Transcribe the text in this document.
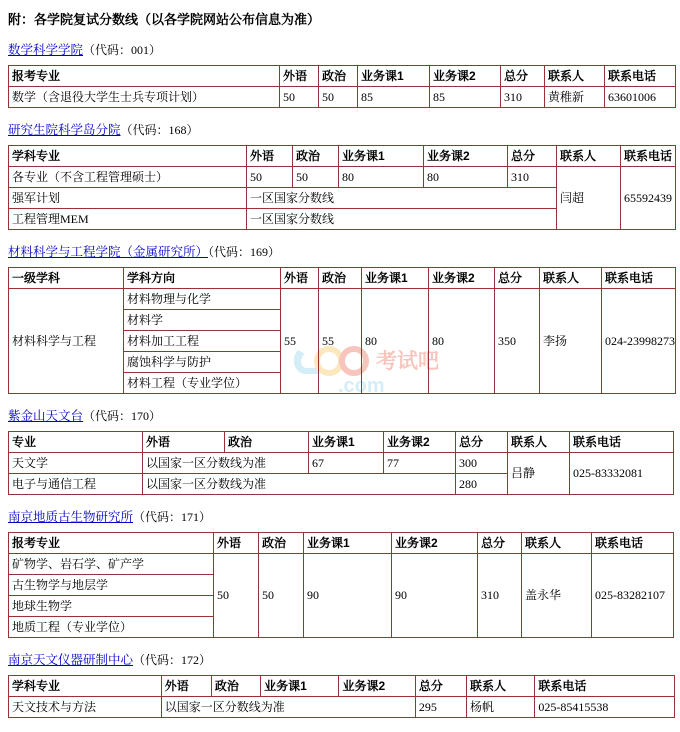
考试吧
.com
附：各学院复试分数线（以各学院网站公布信息为准）
数学科学学院（代码：001）
报考专业	外语	政治	业务课1	业务课2	总分	联系人	联系电话
数学（含退役大学生士兵专项计划）	50	50	85	85	310	黄稚新	63601006
研究生院科学岛分院（代码：168）
学科专业	外语	政治	业务课1	业务课2	总分	联系人	联系电话
各专业（不含工程管理硕士）	50	50	80	80	310	闫超	65592439
强军计划	一区国家分数线						
工程管理MEM	一区国家分数线						
材料科学与工程学院（金属研究所）（代码：169）
一级学科	学科方向	外语	政治	业务课1	业务课2	总分	联系人	联系电话
材料科学与工程	材料物理与化学	55	55	80	80	350	李扬	024-23998273
	材料学							
	材料加工工程							
	腐蚀科学与防护							
	材料工程（专业学位）							
紫金山天文台（代码：170）
专业	外语	政治	业务课1	业务课2	总分	联系人	联系电话
天文学	以国家一区分数线为准		67	77	300	吕静	025-83332081
电子与通信工程	以国家一区分数线为准				280		
南京地质古生物研究所（代码：171）
报考专业	外语	政治	业务课1	业务课2	总分	联系人	联系电话
矿物学、岩石学、矿产学	50	50	90	90	310	盖永华	025-83282107
古生物学与地层学							
地球生物学							
地质工程（专业学位）							
南京天文仪器研制中心（代码：172）
学科专业	外语	政治	业务课1	业务课2	总分	联系人	联系电话
天文技术与方法	以国家一区分数线为准				295	杨帆	025-85415538
